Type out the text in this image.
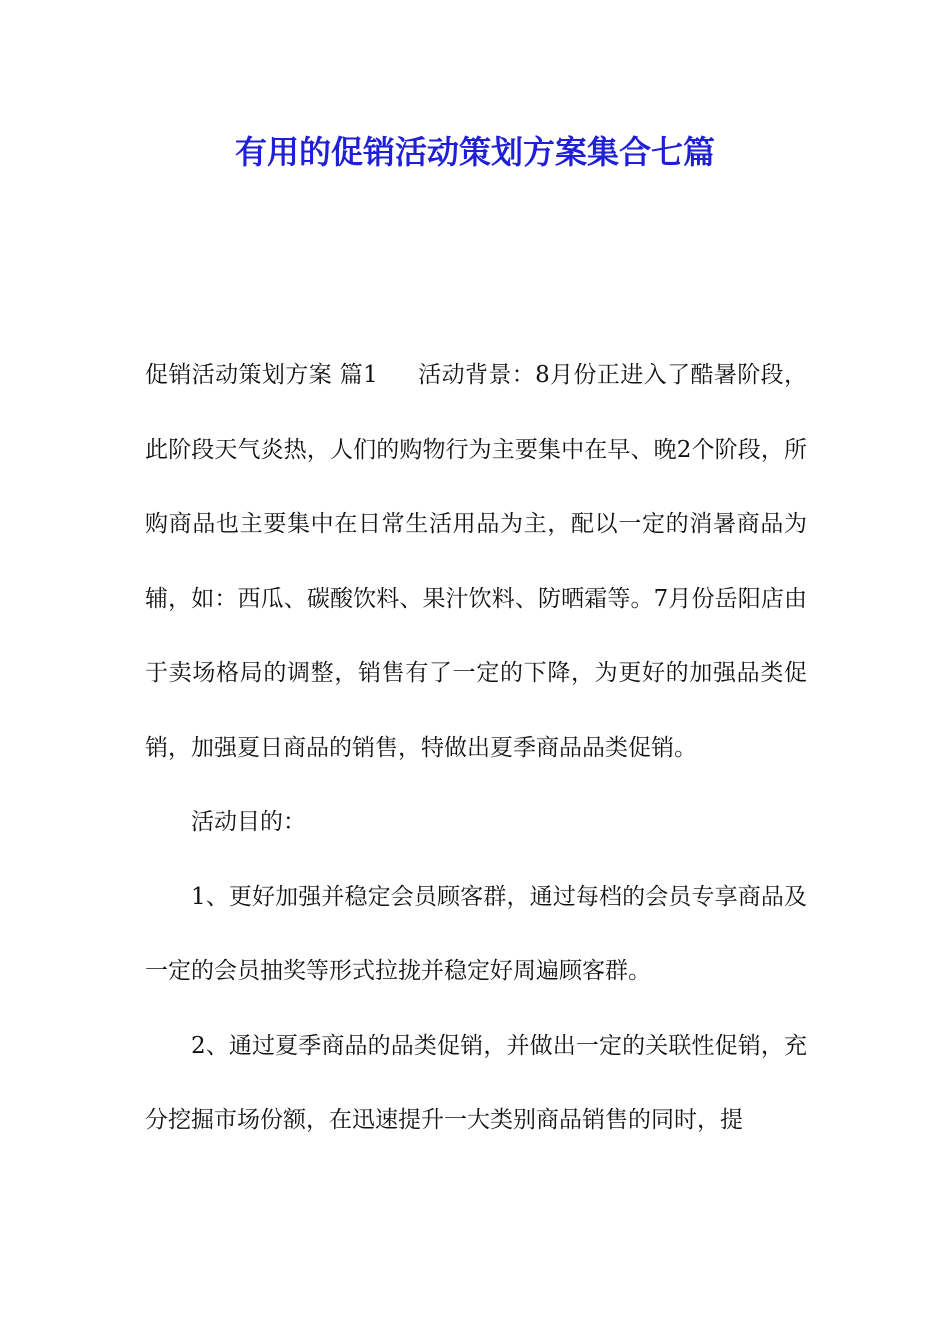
有用的促销活动策划方案集合七篇

促销活动策划方案 篇1 活动背景：8月份正进入了酷暑阶段，此阶段天气炎热，人们的购物行为主要集中在早、晚2个阶段，所购商品也主要集中在日常生活用品为主，配以一定的消暑商品为辅，如：西瓜、碳酸饮料、果汁饮料、防晒霜等。7月份岳阳店由于卖场格局的调整，销售有了一定的下降，为更好的加强品类促销，加强夏日商品的销售，特做出夏季商品品类促销。

活动目的：

1、更好加强并稳定会员顾客群，通过每档的会员专享商品及一定的会员抽奖等形式拉拢并稳定好周遍顾客群。

2、通过夏季商品的品类促销，并做出一定的关联性促销，充分挖掘市场份额，在迅速提升一大类别商品销售的同时，提
